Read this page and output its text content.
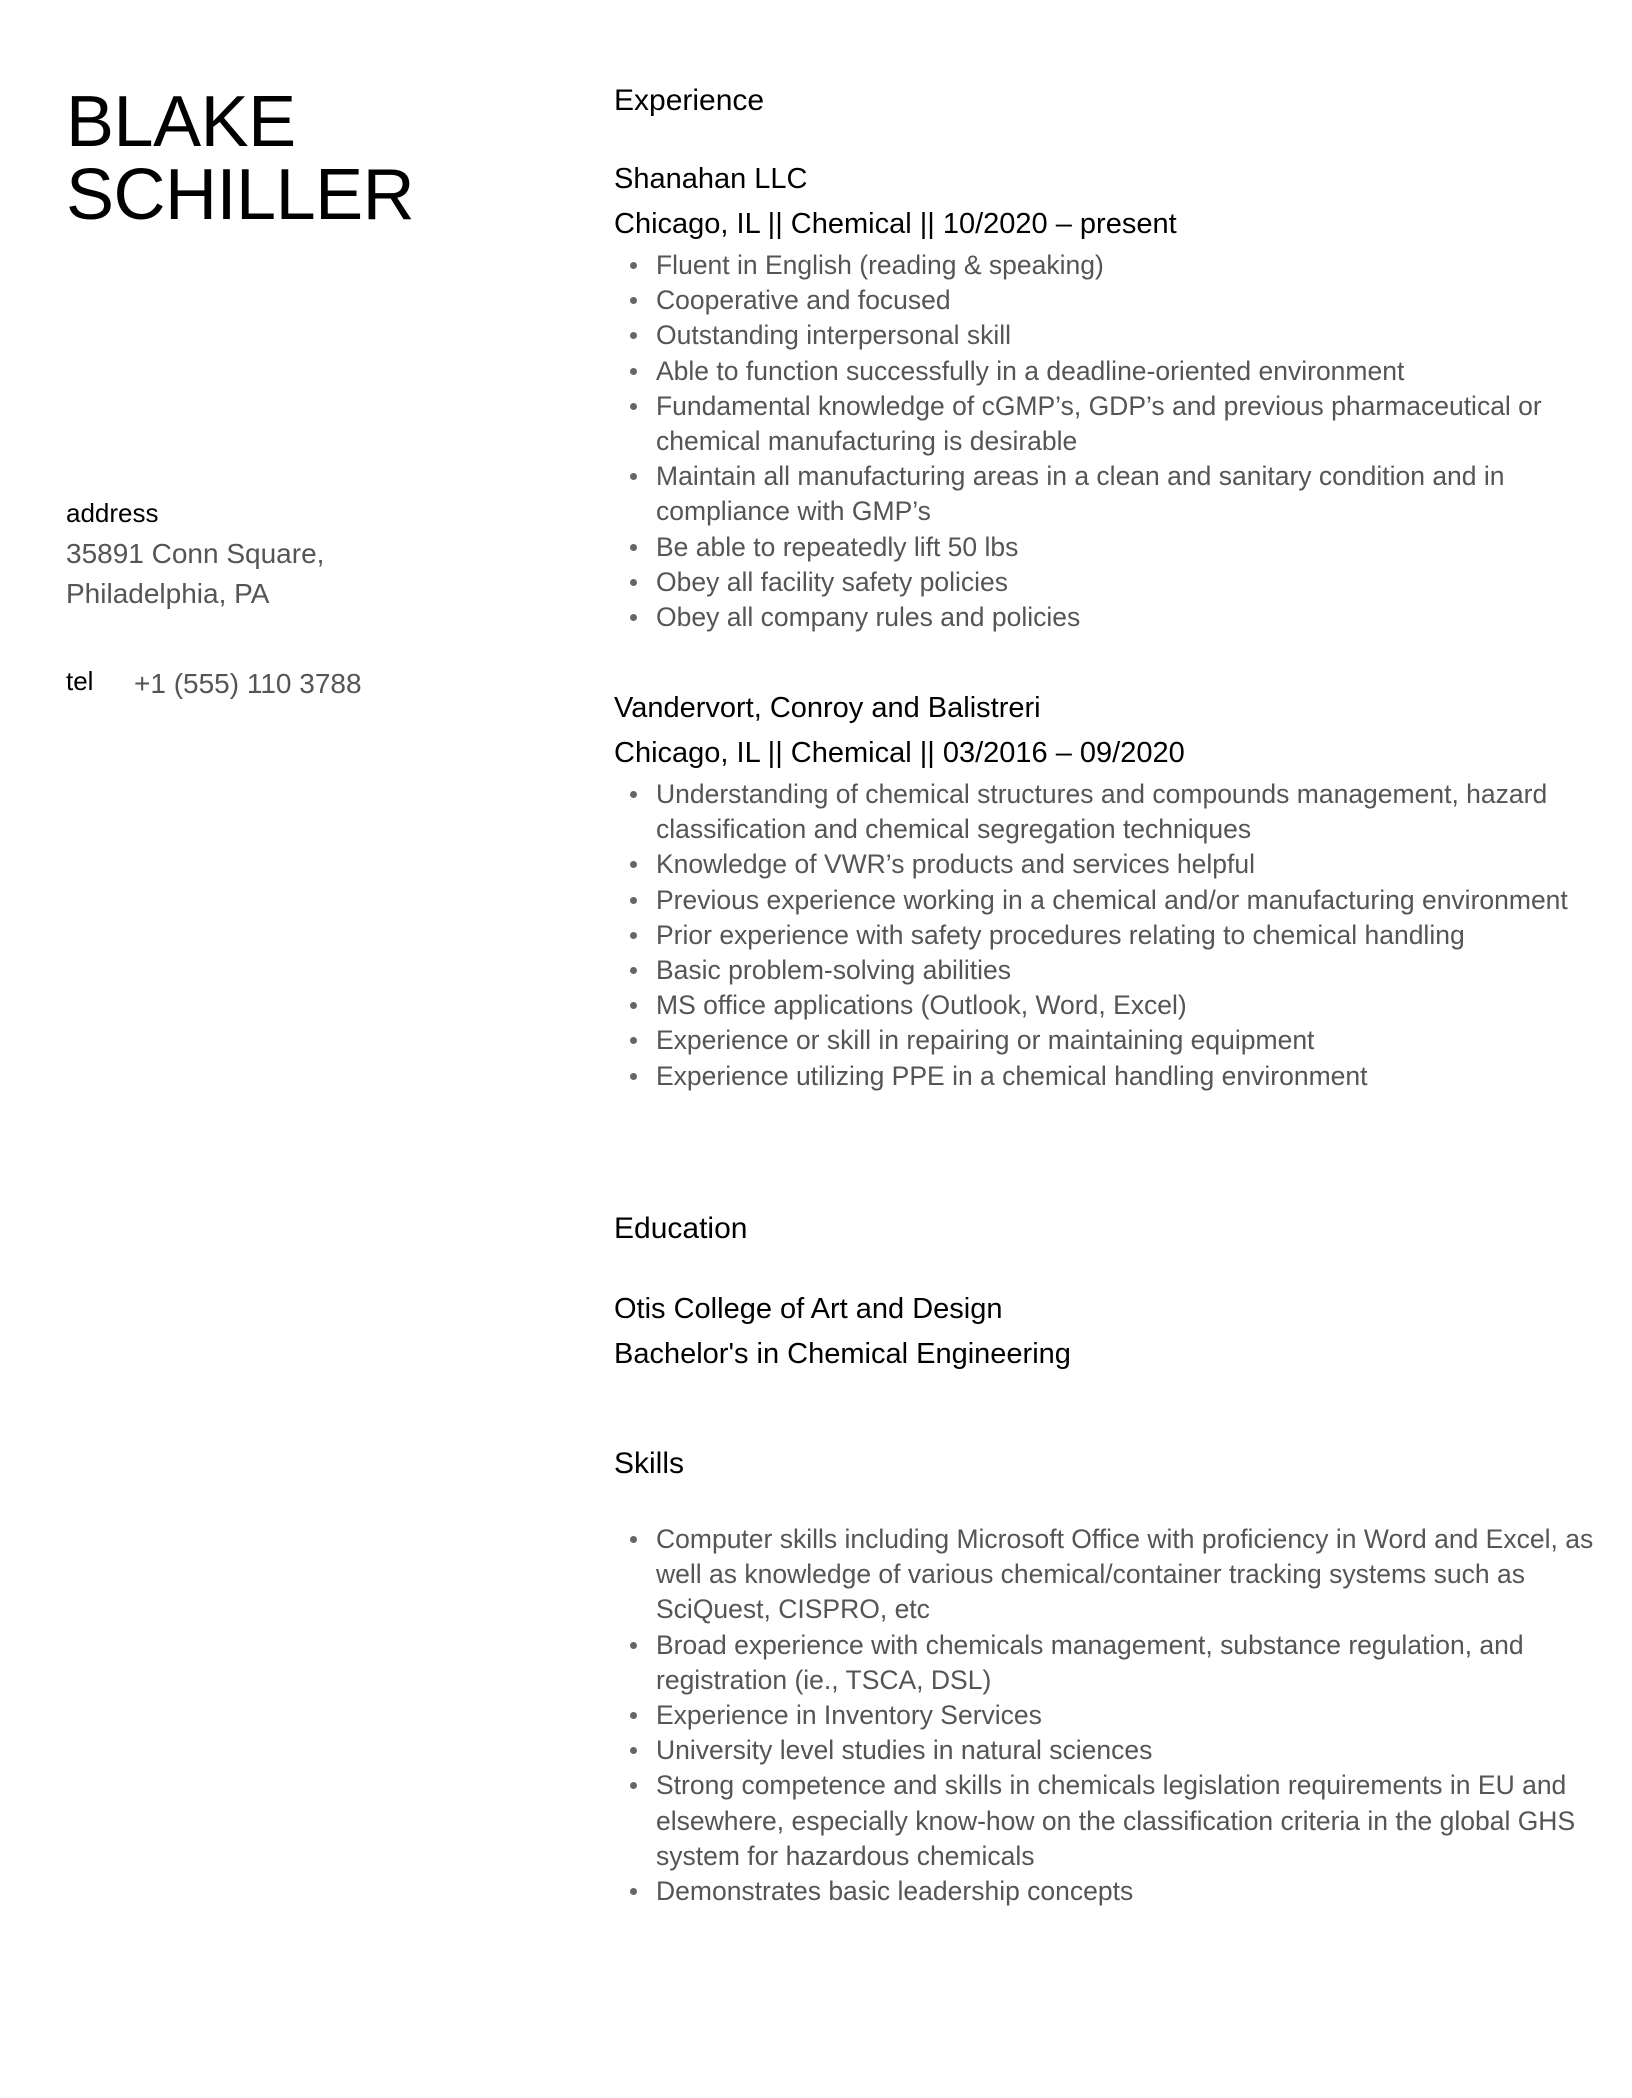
BLAKE
SCHILLER
address
35891 Conn Square,
Philadelphia, PA
tel +1 (555) 110 3788
Experience
Shanahan LLC
Chicago, IL || Chemical || 10/2020 – present
Fluent in English (reading & speaking)
Cooperative and focused
Outstanding interpersonal skill
Able to function successfully in a deadline-oriented environment
Fundamental knowledge of cGMP’s, GDP’s and previous pharmaceutical or chemical manufacturing is desirable
Maintain all manufacturing areas in a clean and sanitary condition and in compliance with GMP’s
Be able to repeatedly lift 50 lbs
Obey all facility safety policies
Obey all company rules and policies
Vandervort, Conroy and Balistreri
Chicago, IL || Chemical || 03/2016 – 09/2020
Understanding of chemical structures and compounds management, hazard classification and chemical segregation techniques
Knowledge of VWR’s products and services helpful
Previous experience working in a chemical and/or manufacturing environment
Prior experience with safety procedures relating to chemical handling
Basic problem-solving abilities
MS office applications (Outlook, Word, Excel)
Experience or skill in repairing or maintaining equipment
Experience utilizing PPE in a chemical handling environment
Education
Otis College of Art and Design
Bachelor's in Chemical Engineering
Skills
Computer skills including Microsoft Office with proficiency in Word and Excel, as well as knowledge of various chemical/container tracking systems such as SciQuest, CISPRO, etc
Broad experience with chemicals management, substance regulation, and registration (ie., TSCA, DSL)
Experience in Inventory Services
University level studies in natural sciences
Strong competence and skills in chemicals legislation requirements in EU and elsewhere, especially know-how on the classification criteria in the global GHS system for hazardous chemicals
Demonstrates basic leadership concepts
